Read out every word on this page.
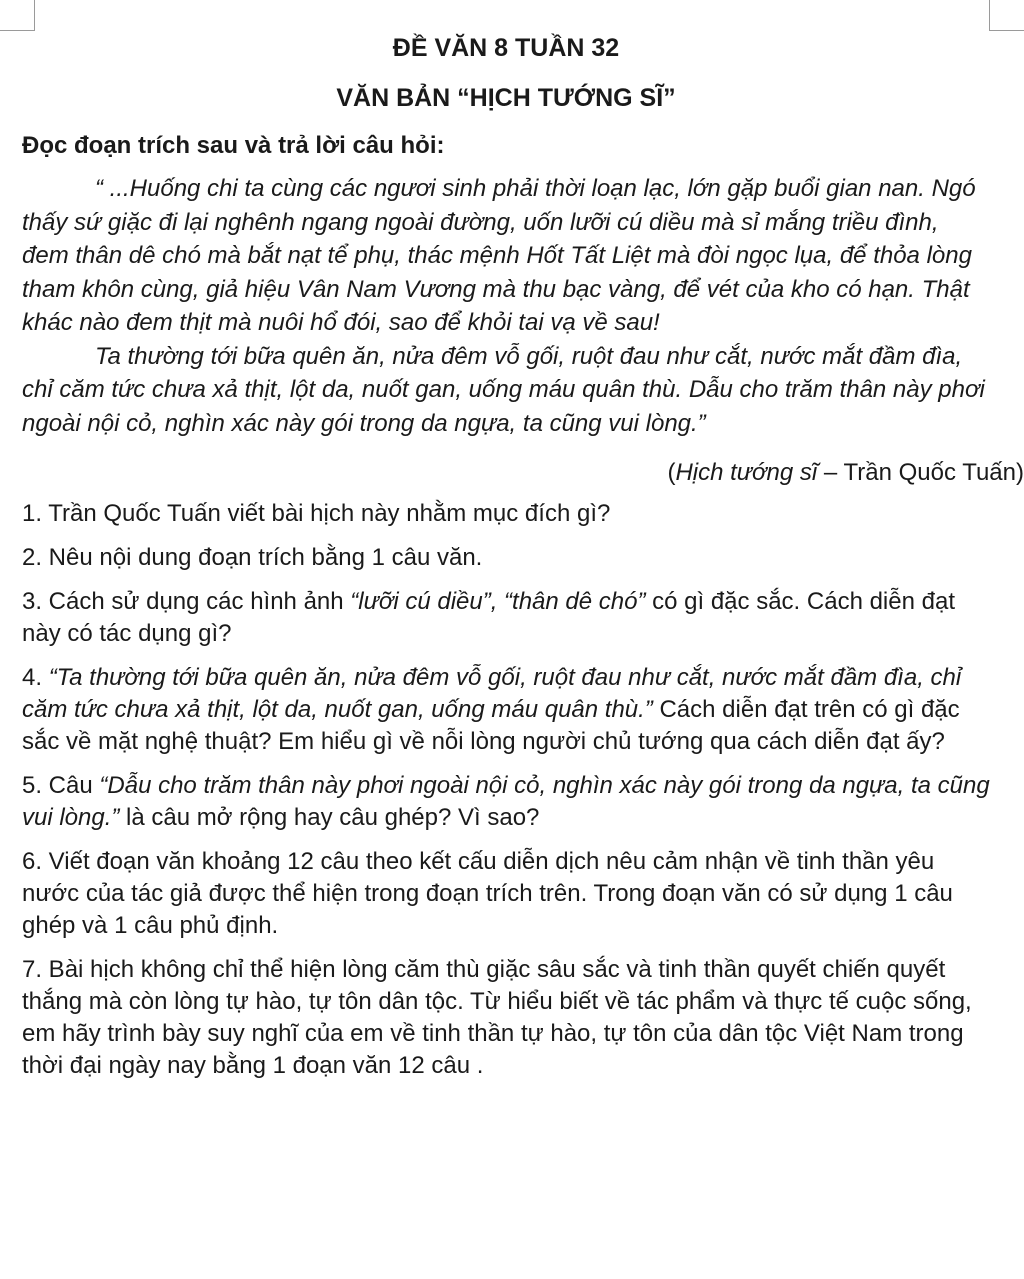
ĐỀ VĂN 8 TUẦN 32
VĂN BẢN “HỊCH TƯỚNG SĨ”

Đọc đoạn trích sau và trả lời câu hỏi:

“ ...Huống chi ta cùng các ngươi sinh phải thời loạn lạc, lớn gặp buổi gian nan. Ngó thấy sứ giặc đi lại nghênh ngang ngoài đường, uốn lưỡi cú diều mà sỉ mắng triều đình, đem thân dê chó mà bắt nạt tể phụ, thác mệnh Hốt Tất Liệt mà đòi ngọc lụa, để thỏa lòng tham khôn cùng, giả hiệu Vân Nam Vương mà thu bạc vàng, để vét của kho có hạn. Thật khác nào đem thịt mà nuôi hổ đói, sao để khỏi tai vạ về sau!

Ta thường tới bữa quên ăn, nửa đêm vỗ gối, ruột đau như cắt, nước mắt đầm đìa, chỉ căm tức chưa xả thịt, lột da, nuốt gan, uống máu quân thù. Dẫu cho trăm thân này phơi ngoài nội cỏ, nghìn xác này gói trong da ngựa, ta cũng vui lòng.”

(Hịch tướng sĩ – Trần Quốc Tuấn)

1. Trần Quốc Tuấn viết bài hịch này nhằm mục đích gì?

2. Nêu nội dung đoạn trích bằng 1 câu văn.

3. Cách sử dụng các hình ảnh “lưỡi cú diều”, “thân dê chó” có gì đặc sắc. Cách diễn đạt này có tác dụng gì?

4. “Ta thường tới bữa quên ăn, nửa đêm vỗ gối, ruột đau như cắt, nước mắt đầm đìa, chỉ căm tức chưa xả thịt, lột da, nuốt gan, uống máu quân thù.” Cách diễn đạt trên có gì đặc sắc về mặt nghệ thuật? Em hiểu gì về nỗi lòng người chủ tướng qua cách diễn đạt ấy?

5. Câu “Dẫu cho trăm thân này phơi ngoài nội cỏ, nghìn xác này gói trong da ngựa, ta cũng vui lòng.” là câu mở rộng hay câu ghép? Vì sao?

6. Viết đoạn văn khoảng 12 câu theo kết cấu diễn dịch nêu cảm nhận về tinh thần yêu nước của tác giả được thể hiện trong đoạn trích trên. Trong đoạn văn có sử dụng 1 câu ghép và 1 câu phủ định.

7. Bài hịch không chỉ thể hiện lòng căm thù giặc sâu sắc và tinh thần quyết chiến quyết thắng mà còn lòng tự hào, tự tôn dân tộc. Từ hiểu biết về tác phẩm và thực tế cuộc sống, em hãy trình bày suy nghĩ của em về tinh thần tự hào, tự tôn của dân tộc Việt Nam trong thời đại ngày nay bằng 1 đoạn văn 12 câu .
